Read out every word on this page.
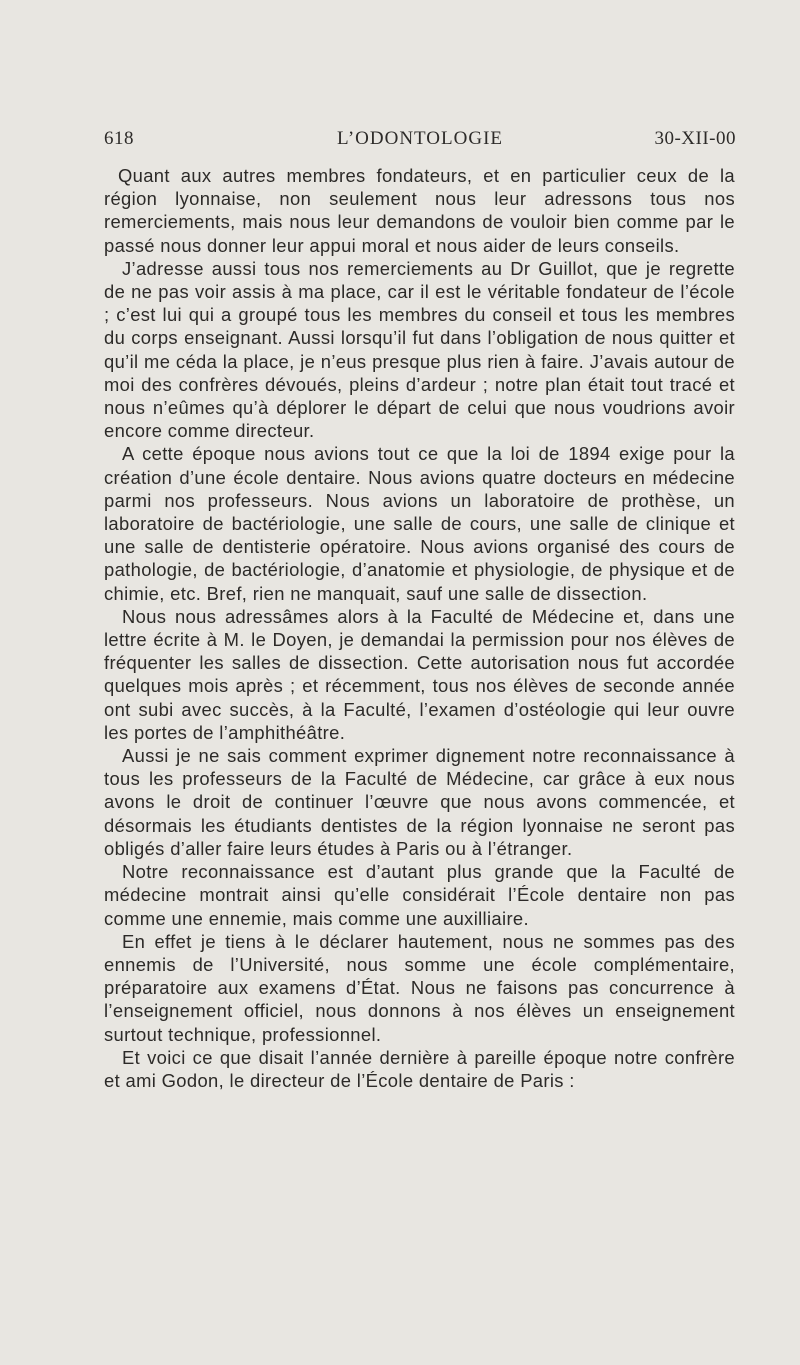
618	L’ODONTOLOGIE	30-XII-00

Quant aux autres membres fondateurs, et en particulier ceux de la région lyonnaise, non seulement nous leur adressons tous nos remerciements, mais nous leur demandons de vouloir bien comme par le passé nous donner leur appui moral et nous aider de leurs conseils.

J’adresse aussi tous nos remerciements au Dr Guillot, que je regrette de ne pas voir assis à ma place, car il est le véritable fondateur de l’école ; c’est lui qui a groupé tous les membres du conseil et tous les membres du corps enseignant. Aussi lorsqu’il fut dans l’obligation de nous quitter et qu’il me céda la place, je n’eus presque plus rien à faire. J’avais autour de moi des confrères dévoués, pleins d’ardeur ; notre plan était tout tracé et nous n’eûmes qu’à déplorer le départ de celui que nous voudrions avoir encore comme directeur.

A cette époque nous avions tout ce que la loi de 1894 exige pour la création d’une école dentaire. Nous avions quatre docteurs en médecine parmi nos professeurs. Nous avions un laboratoire de prothèse, un laboratoire de bactériologie, une salle de cours, une salle de clinique et une salle de dentisterie opératoire. Nous avions organisé des cours de pathologie, de bactériologie, d’anatomie et physiologie, de physique et de chimie, etc. Bref, rien ne manquait, sauf une salle de dissection.

Nous nous adressâmes alors à la Faculté de Médecine et, dans une lettre écrite à M. le Doyen, je demandai la permission pour nos élèves de fréquenter les salles de dissection. Cette autorisation nous fut accordée quelques mois après ; et récemment, tous nos élèves de seconde année ont subi avec succès, à la Faculté, l’examen d’ostéologie qui leur ouvre les portes de l’amphithéâtre.

Aussi je ne sais comment exprimer dignement notre reconnaissance à tous les professeurs de la Faculté de Médecine, car grâce à eux nous avons le droit de continuer l’œuvre que nous avons commencée, et désormais les étudiants dentistes de la région lyonnaise ne seront pas obligés d’aller faire leurs études à Paris ou à l’étranger.

Notre reconnaissance est d’autant plus grande que la Faculté de médecine montrait ainsi qu’elle considérait l’École dentaire non pas comme une ennemie, mais comme une auxilliaire.

En effet je tiens à le déclarer hautement, nous ne sommes pas des ennemis de l’Université, nous somme une école complémentaire, préparatoire aux examens d’État. Nous ne faisons pas concurrence à l’enseignement officiel, nous donnons à nos élèves un enseignement surtout technique, professionnel.

Et voici ce que disait l’année dernière à pareille époque notre confrère et ami Godon, le directeur de l’École dentaire de Paris :
